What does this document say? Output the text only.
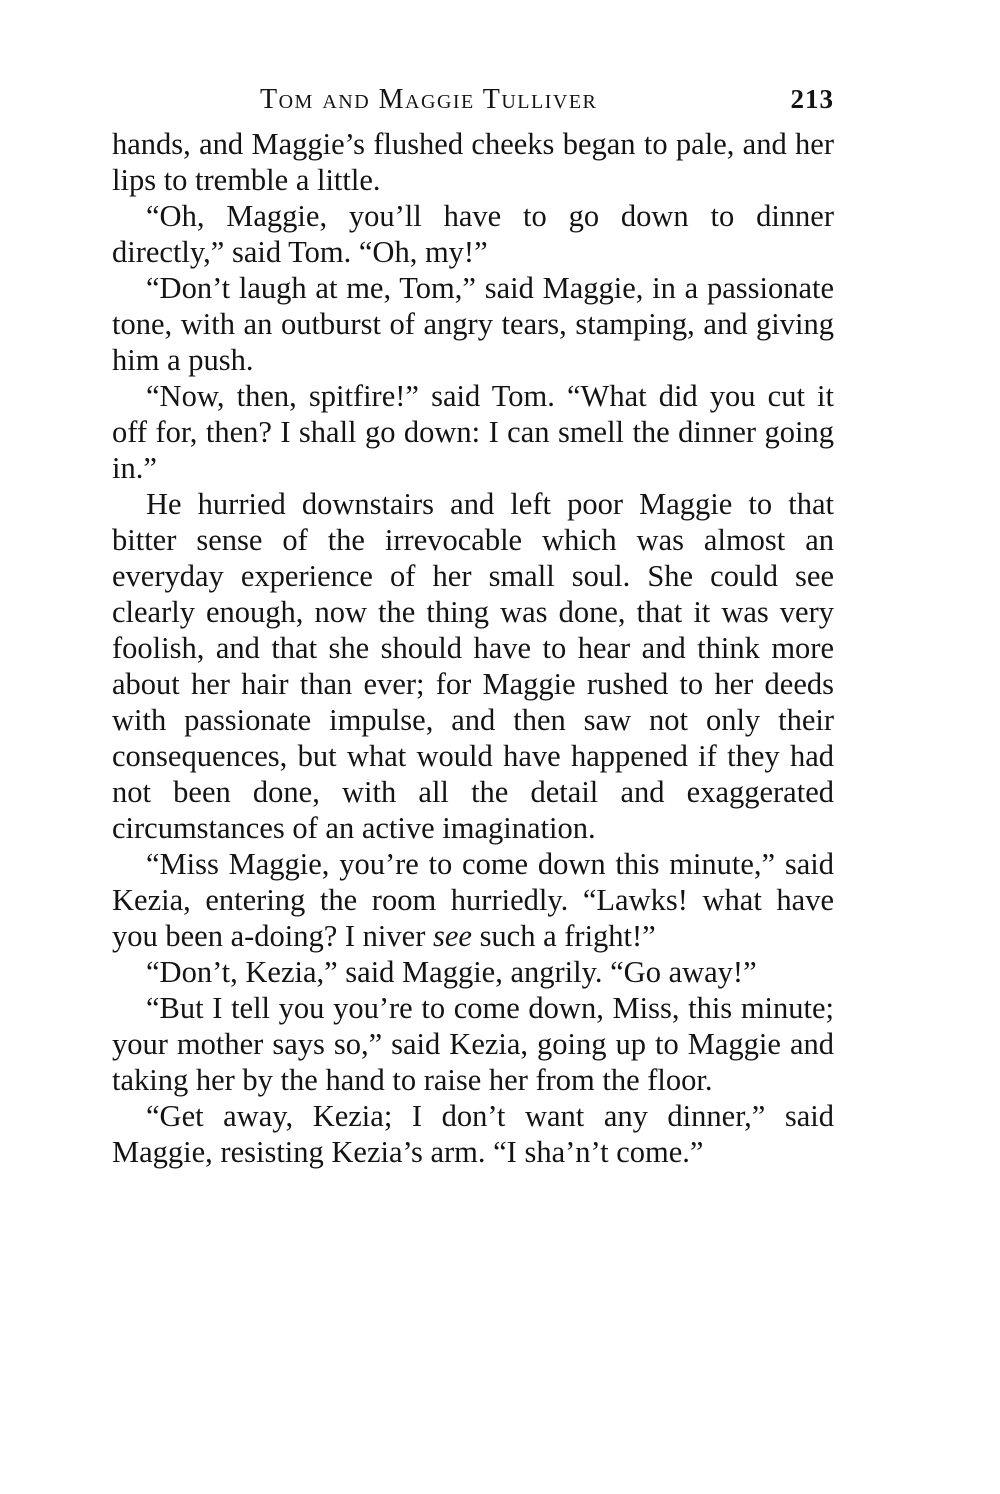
Tom and Maggie Tulliver	213

hands, and Maggie’s flushed cheeks began to pale, and her lips to tremble a little.

“Oh, Maggie, you’ll have to go down to dinner directly,” said Tom. “Oh, my!”

“Don’t laugh at me, Tom,” said Maggie, in a passionate tone, with an outburst of angry tears, stamping, and giving him a push.

“Now, then, spitfire!” said Tom. “What did you cut it off for, then? I shall go down: I can smell the dinner going in.”

He hurried downstairs and left poor Maggie to that bitter sense of the irrevocable which was almost an everyday experience of her small soul. She could see clearly enough, now the thing was done, that it was very foolish, and that she should have to hear and think more about her hair than ever; for Maggie rushed to her deeds with passionate impulse, and then saw not only their consequences, but what would have happened if they had not been done, with all the detail and exaggerated circumstances of an active imagination.

“Miss Maggie, you’re to come down this minute,” said Kezia, entering the room hurriedly. “Lawks! what have you been a-doing? I niver see such a fright!”

“Don’t, Kezia,” said Maggie, angrily. “Go away!”

“But I tell you you’re to come down, Miss, this minute; your mother says so,” said Kezia, going up to Maggie and taking her by the hand to raise her from the floor.

“Get away, Kezia; I don’t want any dinner,” said Maggie, resisting Kezia’s arm. “I sha’n’t come.”
